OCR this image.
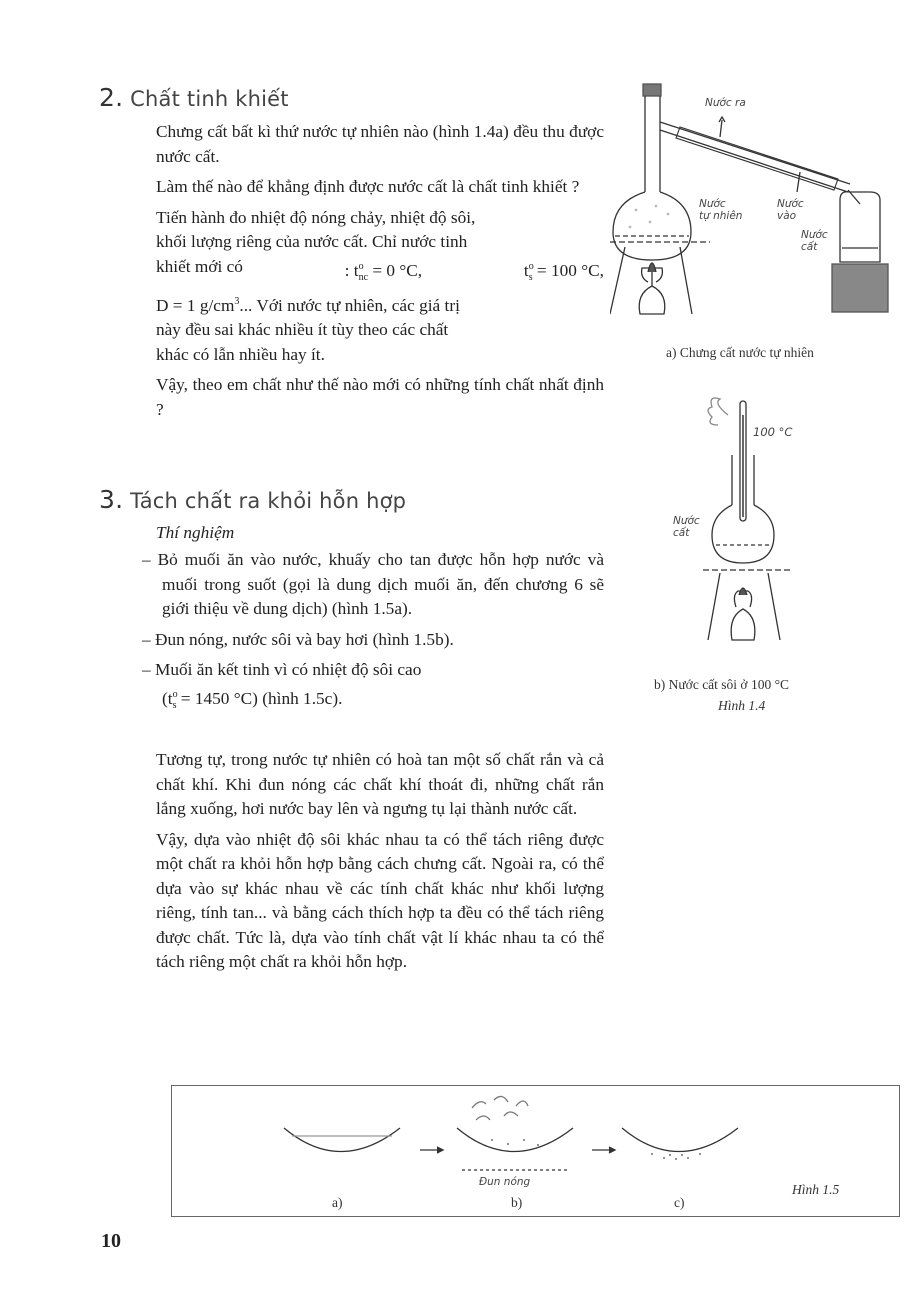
2. Chất tinh khiết

Chưng cất bất kì thứ nước tự nhiên nào (hình 1.4a) đều thu được nước cất.

Làm thế nào để khẳng định được nước cất là chất tinh khiết ?

Tiến hành đo nhiệt độ nóng chảy, nhiệt độ sôi,
khối lượng riêng của nước cất. Chỉ nước tinh
khiết mới có	: $t^o_{nc} = 0$ °C,	$t^o_s = 100$ °C,
D = 1 $g/cm^3$... Với nước tự nhiên, các giá trị
này đều sai khác nhiều ít tùy theo các chất
khác có lẫn nhiều hay ít.

Vậy, theo em chất như thế nào mới có những tính chất nhất định ?

3. Tách chất ra khỏi hỗn hợp
Thí nghiệm

– Bỏ muối ăn vào nước, khuấy cho tan được hỗn hợp nước và muối trong suốt (gọi là dung dịch muối ăn, đến chương 6 sẽ giới thiệu về dung dịch) (hình 1.5a).

– Đun nóng, nước sôi và bay hơi (hình 1.5b).

– Muối ăn kết tinh vì có nhiệt độ sôi cao

($t^o_s = 1450$ °C) (hình 1.5c).

Tương tự, trong nước tự nhiên có hoà tan một số chất rắn và cả chất khí. Khi đun nóng các chất khí thoát đi, những chất rắn lắng xuống, hơi nước bay lên và ngưng tụ lại thành nước cất.

Vậy, dựa vào nhiệt độ sôi khác nhau ta có thể tách riêng được một chất ra khỏi hỗn hợp bằng cách chưng cất. Ngoài ra, có thể dựa vào sự khác nhau về các tính chất khác như khối lượng riêng, tính tan... và bằng cách thích hợp ta đều có thể tách riêng được chất. Tức là, dựa vào tính chất vật lí khác nhau ta có thể tách riêng một chất ra khỏi hỗn hợp.

Nước ra
Nước
tự nhiên
Nước
vào
Nước
cất
a) Chưng cất nước tự nhiên
100 °C
Nước
cất
b) Nước cất sôi ở 100 °C
Hình 1.4
Đun nóng
a)	b)	c)
Hình 1.5
10
